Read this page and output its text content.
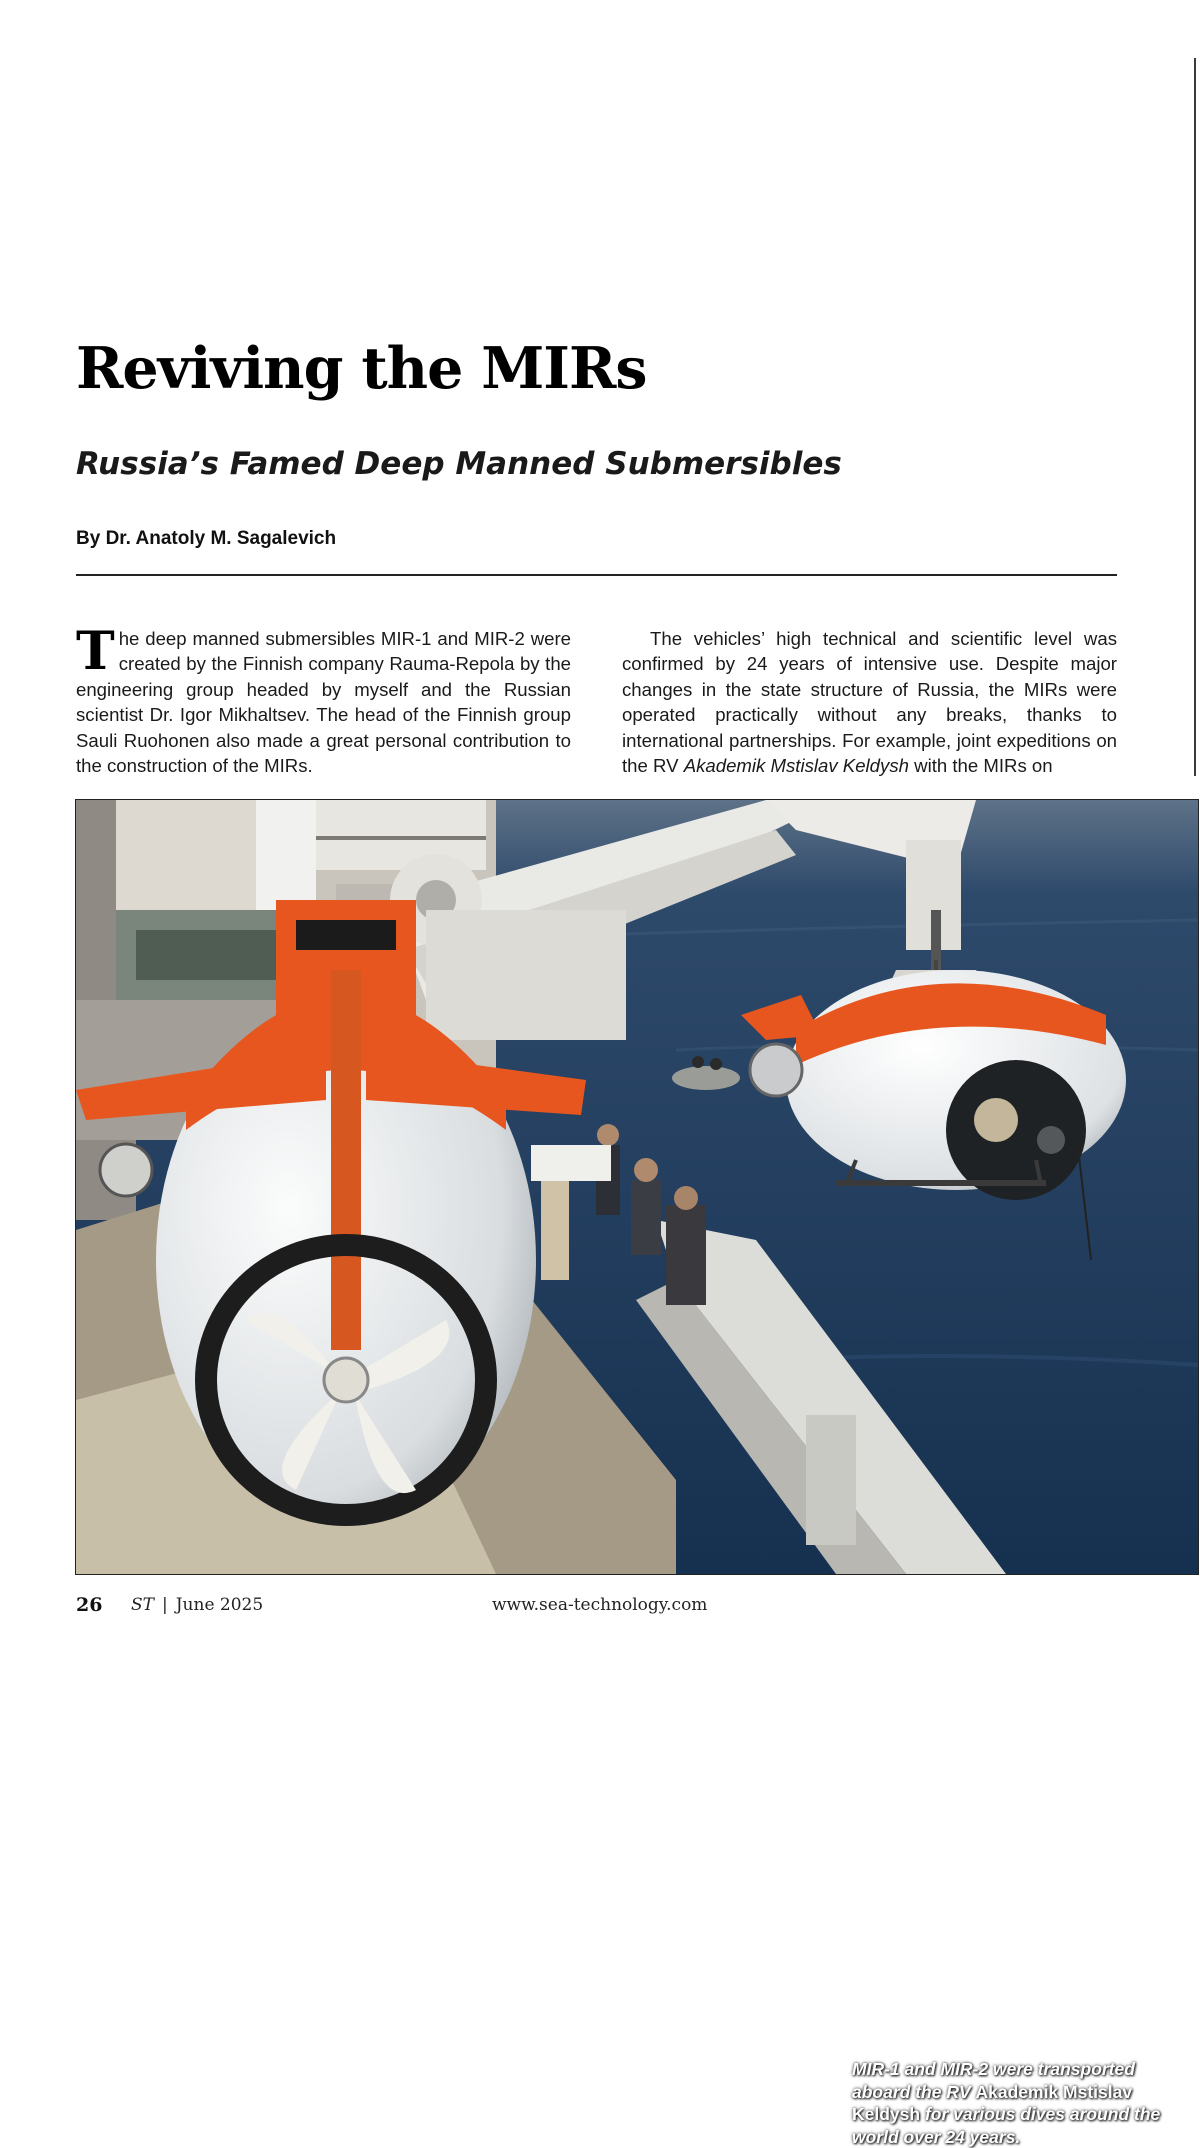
Reviving the MIRs
Russia’s Famed Deep Manned Submersibles

By Dr. Anatoly M. Sagalevich

The deep manned submersibles MIR-1 and MIR-2 were created by the Finnish company Rauma-Repola by the engineering group headed by myself and the Russian scientist Dr. Igor Mikhaltsev. The head of the Finnish group Sauli Ruohonen also made a great personal contribution to the construction of the MIRs.

The vehicles’ high technical and scientific level was confirmed by 24 years of intensive use. Despite major changes in the state structure of Russia, the MIRs were operated practically without any breaks, thanks to international partnerships. For example, joint expeditions on the RV Akademik Mstislav Keldysh with the MIRs on

MIR-1 and MIR-2 were transported aboard the RV Akademik Mstislav Keldysh for various dives around the world over 24 years.

26 ST | June 2025	www.sea-technology.com
